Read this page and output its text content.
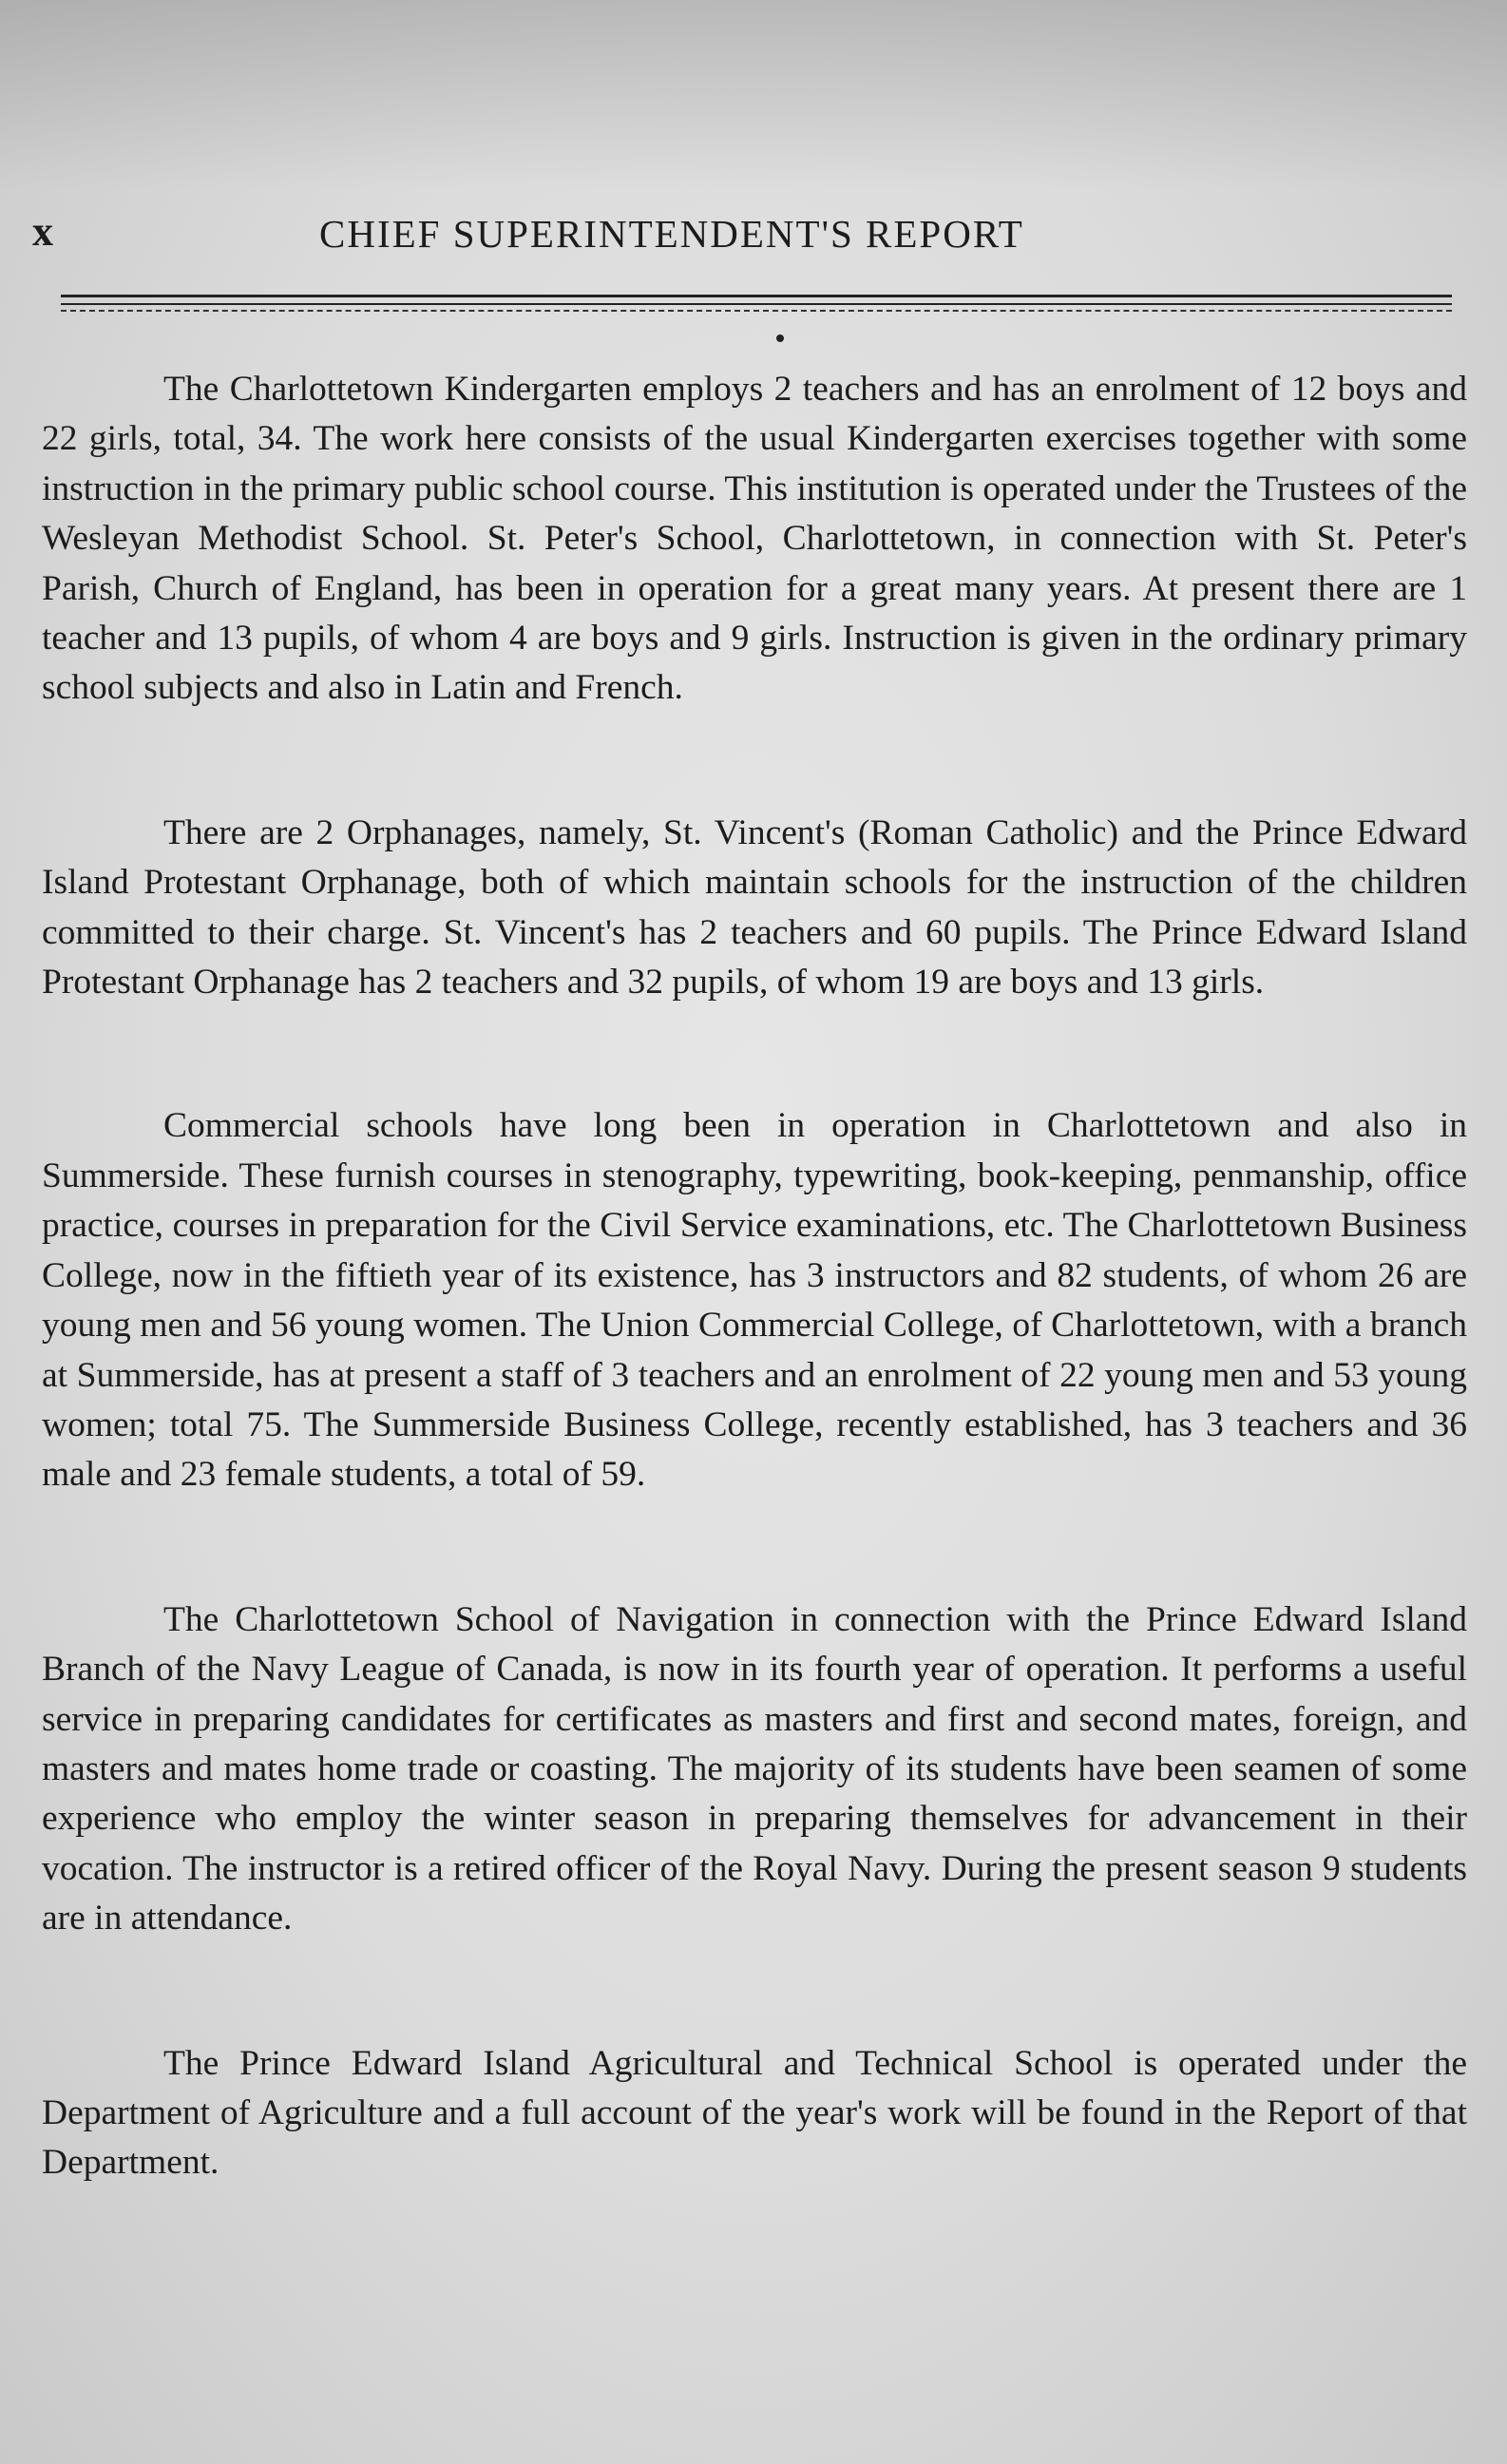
x	CHIEF SUPERINTENDENT'S REPORT

The Charlottetown Kindergarten employs 2 teachers and has an enrolment of 12 boys and 22 girls, total, 34. The work here consists of the usual Kindergarten exercises together with some instruction in the primary public school course. This institution is operated under the Trustees of the Wesleyan Methodist School. St. Peter's School, Charlottetown, in connection with St. Peter's Parish, Church of England, has been in operation for a great many years. At present there are 1 teacher and 13 pupils, of whom 4 are boys and 9 girls. Instruction is given in the ordinary primary school subjects and also in Latin and French.

There are 2 Orphanages, namely, St. Vincent's (Roman Catholic) and the Prince Edward Island Protestant Orphanage, both of which maintain schools for the instruction of the children committed to their charge. St. Vincent's has 2 teachers and 60 pupils. The Prince Edward Island Protestant Orphanage has 2 teachers and 32 pupils, of whom 19 are boys and 13 girls.

Commercial schools have long been in operation in Charlottetown and also in Summerside. These furnish courses in stenography, typewriting, book-keeping, penmanship, office practice, courses in preparation for the Civil Service examinations, etc. The Charlottetown Business College, now in the fiftieth year of its existence, has 3 instructors and 82 students, of whom 26 are young men and 56 young women. The Union Commercial College, of Charlottetown, with a branch at Summerside, has at present a staff of 3 teachers and an enrolment of 22 young men and 53 young women; total 75. The Summerside Business College, recently established, has 3 teachers and 36 male and 23 female students, a total of 59.

The Charlottetown School of Navigation in connection with the Prince Edward Island Branch of the Navy League of Canada, is now in its fourth year of operation. It performs a useful service in preparing candidates for certificates as masters and first and second mates, foreign, and masters and mates home trade or coasting. The majority of its students have been seamen of some experience who employ the winter season in preparing themselves for advancement in their vocation. The instructor is a retired officer of the Royal Navy. During the present season 9 students are in attendance.

The Prince Edward Island Agricultural and Technical School is operated under the Department of Agriculture and a full account of the year's work will be found in the Report of that Department.
